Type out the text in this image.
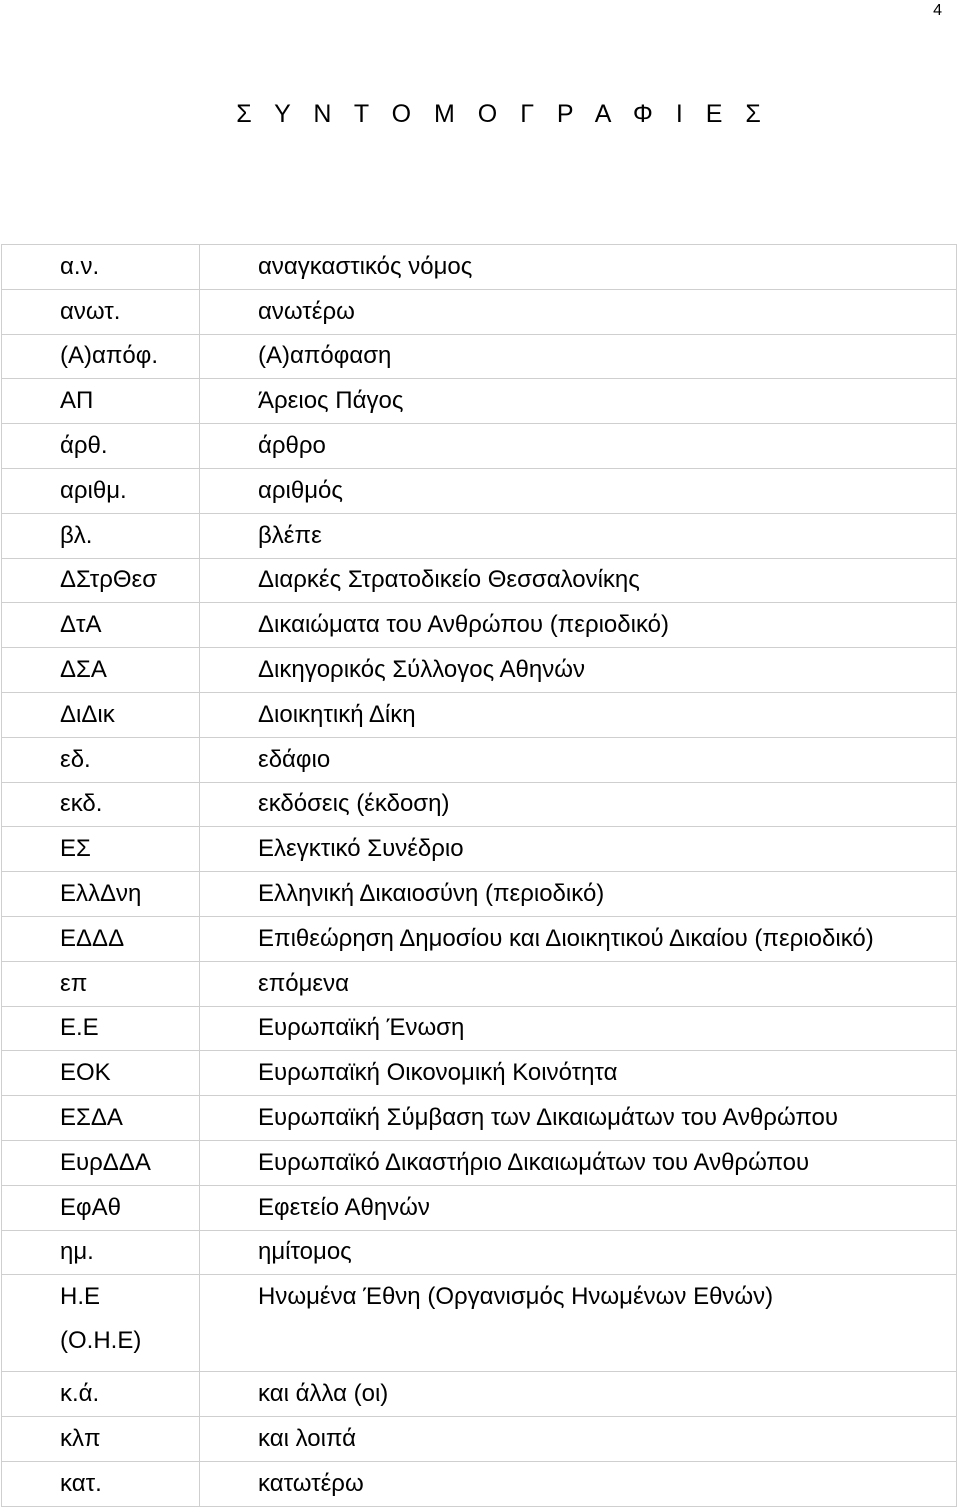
4
Σ Υ Ν Τ Ο Μ Ο Γ Ρ Α Φ Ι Ε Σ
α.ν.	αναγκαστικός νόμος
ανωτ.	ανωτέρω
(Α)απόφ.	(Α)απόφαση
ΑΠ	Άρειος Πάγος
άρθ.	άρθρο
αριθμ.	αριθμός
βλ.	βλέπε
ΔΣτρΘεσ	Διαρκές Στρατοδικείο Θεσσαλονίκης
ΔτΑ	Δικαιώματα του Ανθρώπου (περιοδικό)
ΔΣΑ	Δικηγορικός Σύλλογος Αθηνών
ΔιΔικ	Διοικητική Δίκη
εδ.	εδάφιο
εκδ.	εκδόσεις (έκδοση)
ΕΣ	Ελεγκτικό Συνέδριο
ΕλλΔνη	Ελληνική Δικαιοσύνη (περιοδικό)
ΕΔΔΔ	Επιθεώρηση Δημοσίου και Διοικητικού Δικαίου (περιοδικό)
επ	επόμενα
Ε.Ε	Ευρωπαϊκή Ένωση
ΕΟΚ	Ευρωπαϊκή Οικονομική Κοινότητα
ΕΣΔΑ	Ευρωπαϊκή Σύμβαση των Δικαιωμάτων του Ανθρώπου
ΕυρΔΔΑ	Ευρωπαϊκό Δικαστήριο Δικαιωμάτων του Ανθρώπου
ΕφΑθ	Εφετείο Αθηνών
ημ.	ημίτομος

Η.Ε
(Ο.Η.Ε)	Ηνωμένα Έθνη (Οργανισμός Ηνωμένων Εθνών)
κ.ά.	και άλλα (οι)
κλπ	και λοιπά
κατ.	κατωτέρω
